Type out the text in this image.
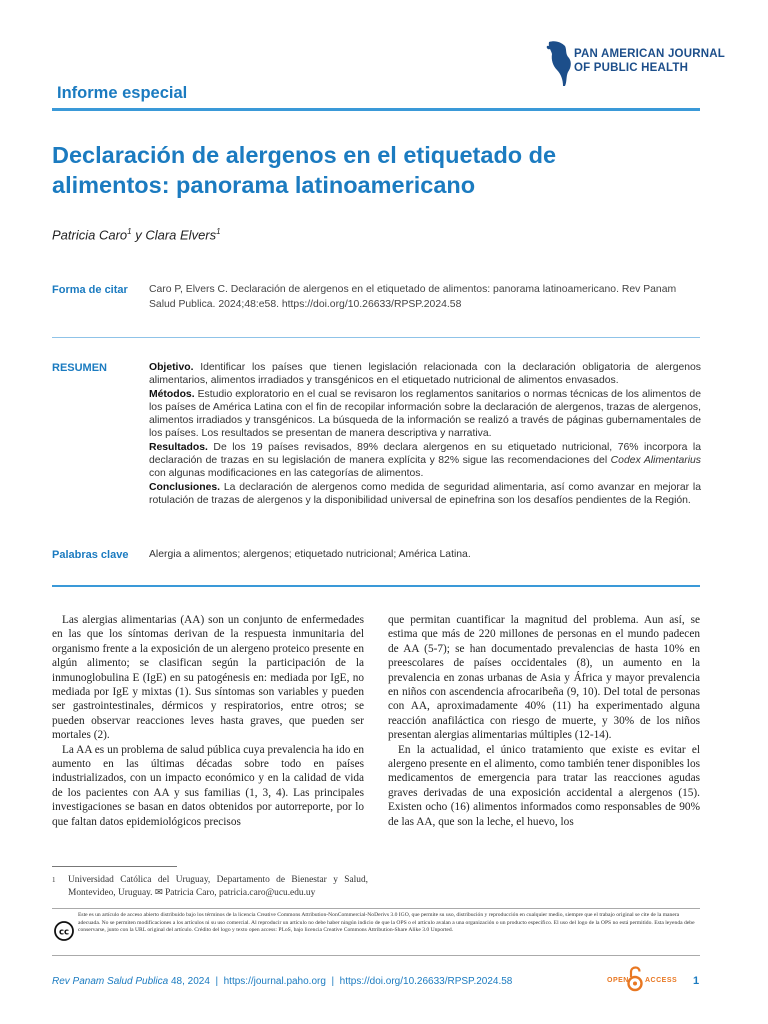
PAN AMERICAN JOURNAL
OF PUBLIC HEALTH
Informe especial
Declaración de alergenos en el etiquetado de alimentos: panorama latinoamericano
Patricia Caro$^1$ y Clara Elvers$^1$
Forma de citar Caro P, Elvers C. Declaración de alergenos en el etiquetado de alimentos: panorama latinoamericano. Rev Panam Salud Publica. 2024;48:e58. https://doi.org/10.26633/RPSP.2024.58
RESUMEN	Objetivo. Identificar los países que tienen legislación relacionada con la declaración obligatoria de alergenos alimentarios, alimentos irradiados y transgénicos en el etiquetado nutricional de alimentos envasados.

Métodos. Estudio exploratorio en el cual se revisaron los reglamentos sanitarios o normas técnicas de los alimentos de los países de América Latina con el fin de recopilar información sobre la declaración de alergenos, trazas de alergenos, alimentos irradiados y transgénicos. La búsqueda de la información se realizó a través de páginas gubernamentales de los países. Los resultados se presentan de manera descriptiva y narrativa.

Resultados. De los 19 países revisados, 89% declara alergenos en su etiquetado nutricional, 76% incorpora la declaración de trazas en su legislación de manera explícita y 82% sigue las recomendaciones del Codex Alimentarius con algunas modificaciones en las categorías de alimentos.

Conclusiones. La declaración de alergenos como medida de seguridad alimentaria, así como avanzar en mejorar la rotulación de trazas de alergenos y la disponibilidad universal de epinefrina son los desafíos pendientes de la Región.

Palabras clave Alergia a alimentos; alergenos; etiquetado nutricional; América Latina.

Las alergias alimentarias (AA) son un conjunto de enfermedades en las que los síntomas derivan de la respuesta inmunitaria del organismo frente a la exposición de un alergeno proteico presente en algún alimento; se clasifican según la participación de la inmunoglobulina E (IgE) en su patogénesis en: mediada por IgE, no mediada por IgE y mixtas (1). Sus síntomas son variables y pueden ser gastrointestinales, dérmicos y respiratorios, entre otros; se pueden observar reacciones leves hasta graves, que pueden ser mortales (2).

La AA es un problema de salud pública cuya prevalencia ha ido en aumento en las últimas décadas sobre todo en países industrializados, con un impacto económico y en la calidad de vida de los pacientes con AA y sus familias (1, 3, 4). Las principales investigaciones se basan en datos obtenidos por autorreporte, por lo que faltan datos epidemiológicos precisos

que permitan cuantificar la magnitud del problema. Aun así, se estima que más de 220 millones de personas en el mundo padecen de AA (5-7); se han documentado prevalencias de hasta 10% en preescolares de países occidentales (8), un aumento en la prevalencia en zonas urbanas de Asia y África y mayor prevalencia en niños con ascendencia afrocaribeña (9, 10). Del total de personas con AA, aproximadamente 40% (11) ha experimentado alguna reacción anafiláctica con riesgo de muerte, y 30% de los niños presentan alergias alimentarias múltiples (12-14).

En la actualidad, el único tratamiento que existe es evitar el alergeno presente en el alimento, como también tener disponibles los medicamentos de emergencia para tratar las reacciones agudas graves derivadas de una exposición accidental a alergenos (15). Existen ocho (16) alimentos informados como responsables de 90% de las AA, que son la leche, el huevo, los

1	Universidad Católica del Uruguay, Departamento de Bienestar y Salud, Montevideo, Uruguay. ✉ Patricia Caro, patricia.caro@ucu.edu.uy
cc
Este es un artículo de acceso abierto distribuido bajo los términos de la licencia Creative Commons Attribution-NonCommercial-NoDerivs 3.0 IGO, que permite su uso, distribución y reproducción en cualquier medio, siempre que el trabajo original se cite de la manera adecuada. No se permiten modificaciones a los artículos ni su uso comercial. Al reproducir un artículo no debe haber ningún indicio de que la OPS o el artículo avalan a una organización o un producto específico. El uso del logo de la OPS no está permitido. Esta leyenda debe conservarse, junto con la URL original del artículo. Crédito del logo y texto open access: PLoS, bajo licencia Creative Commons Attribution-Share Alike 3.0 Unported.
Rev Panam Salud Publica 48, 2024  |  https://journal.paho.org  |  https://doi.org/10.26633/RPSP.2024.58	OPEN ACCESS 1
